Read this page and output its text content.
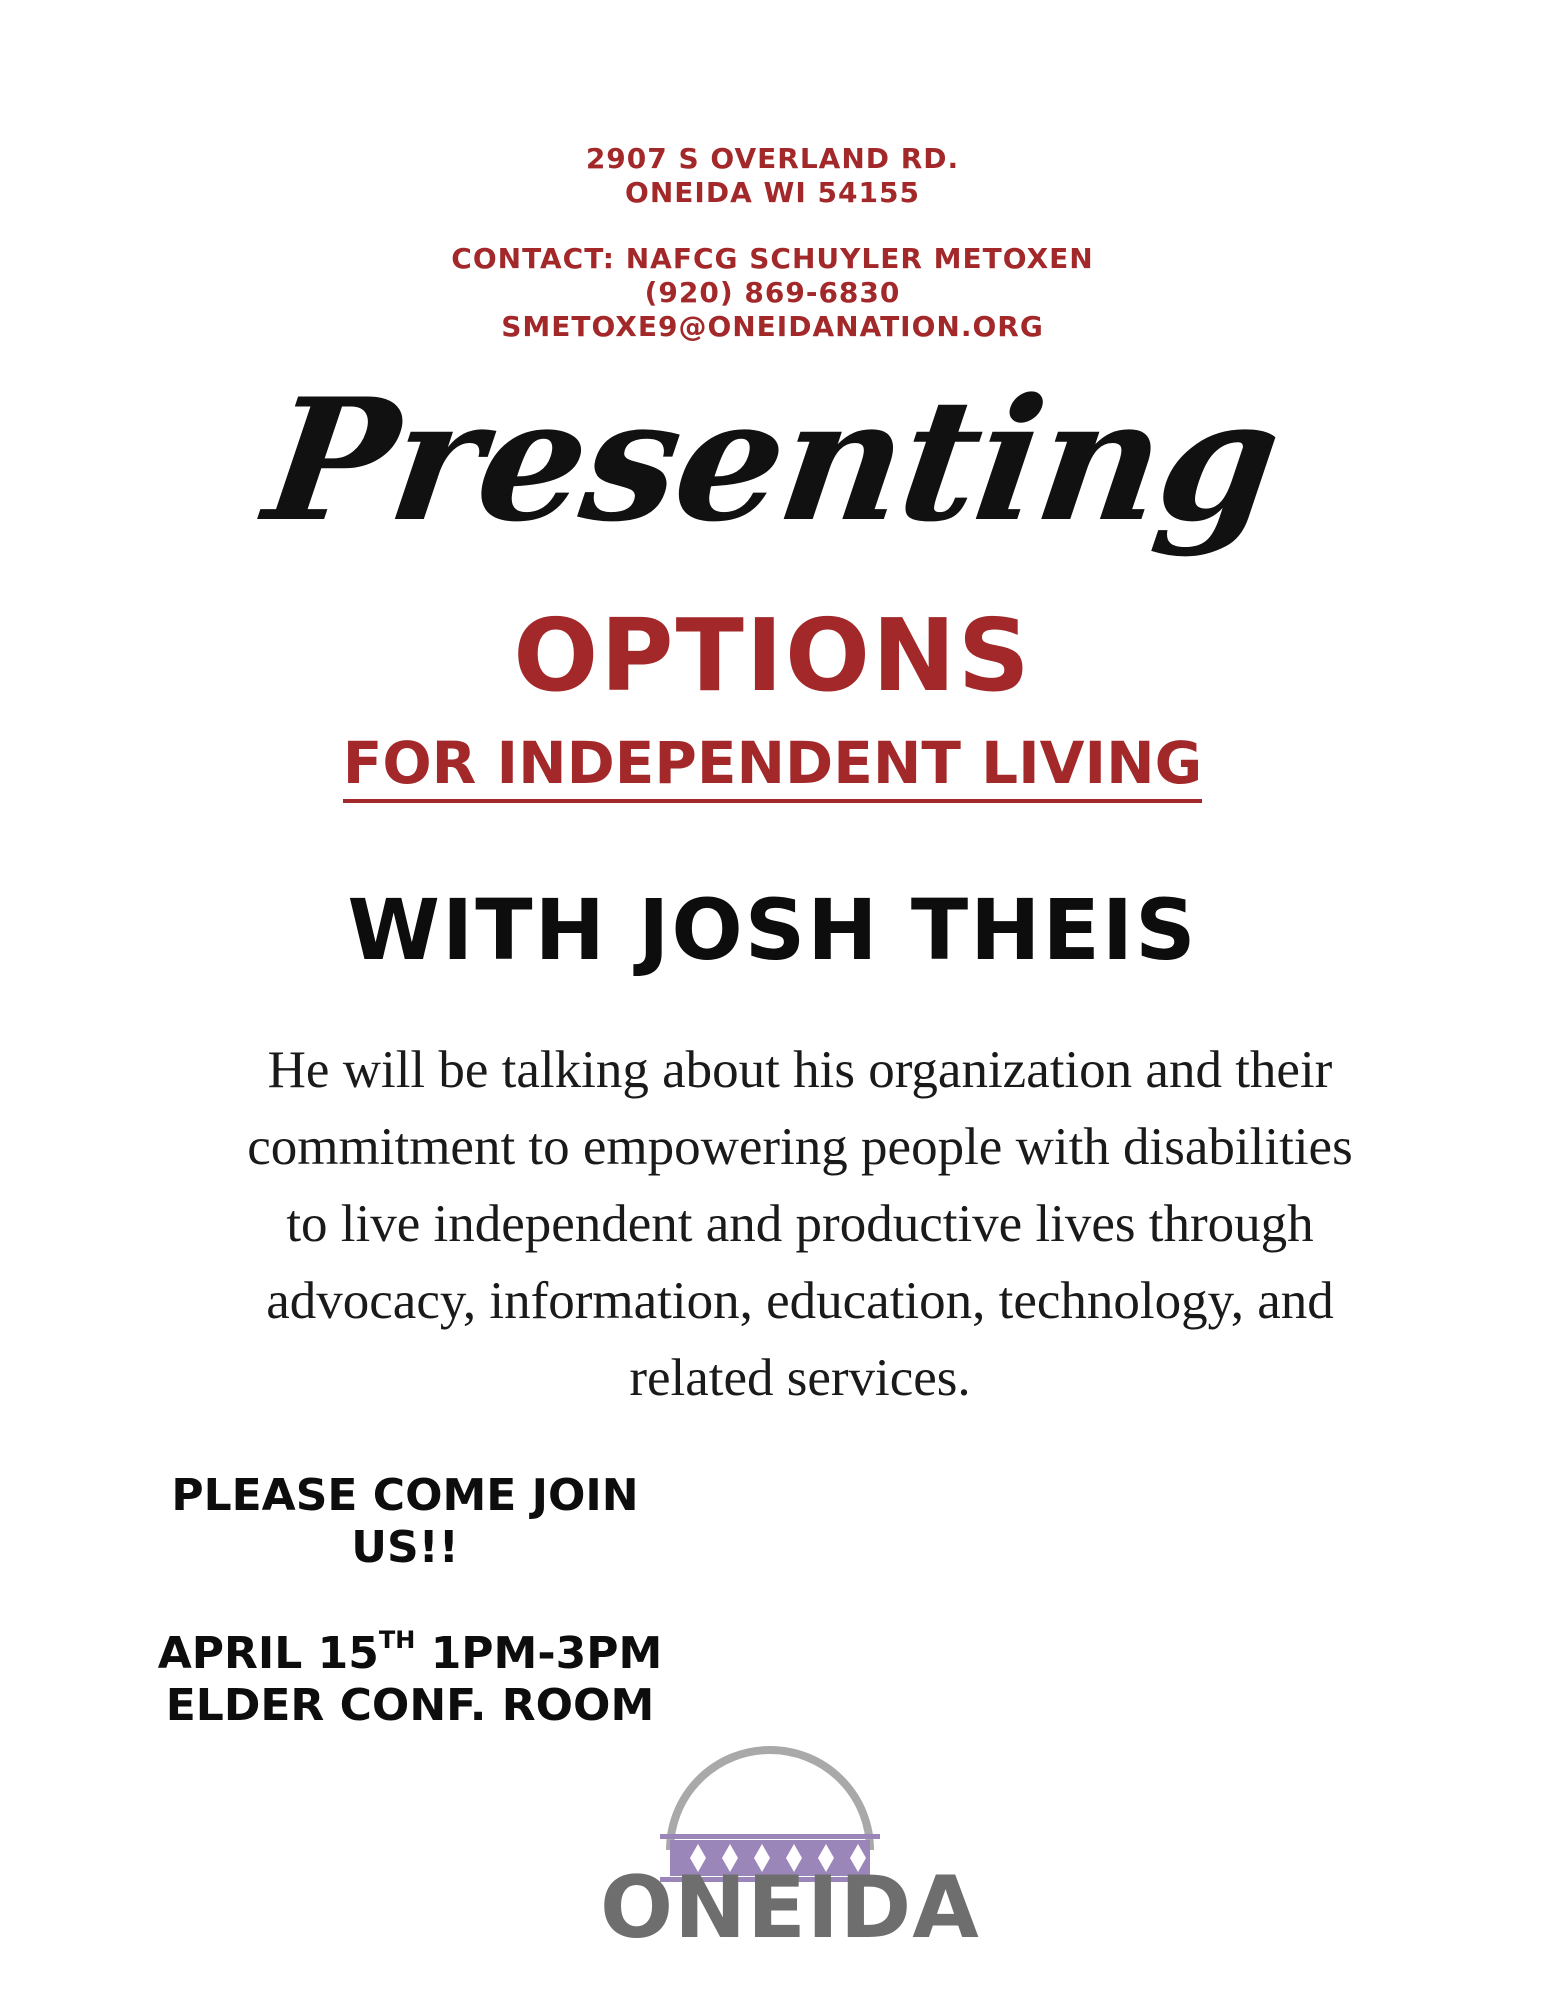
2907 S OVERLAND RD.
ONEIDA WI 54155
CONTACT: NAFCG SCHUYLER METOXEN
(920) 869-6830
SMETOXE9@ONEIDANATION.ORG
Presenting
OPTIONS
FOR INDEPENDENT LIVING
WITH JOSH THEIS
He will be talking about his organization and their commitment to empowering people with disabilities to live independent and productive lives through advocacy, information, education, technology, and related services.
PLEASE COME JOIN
US!!
APRIL 15TH 1PM-3PM
ELDER CONF. ROOM
ONEIDA
